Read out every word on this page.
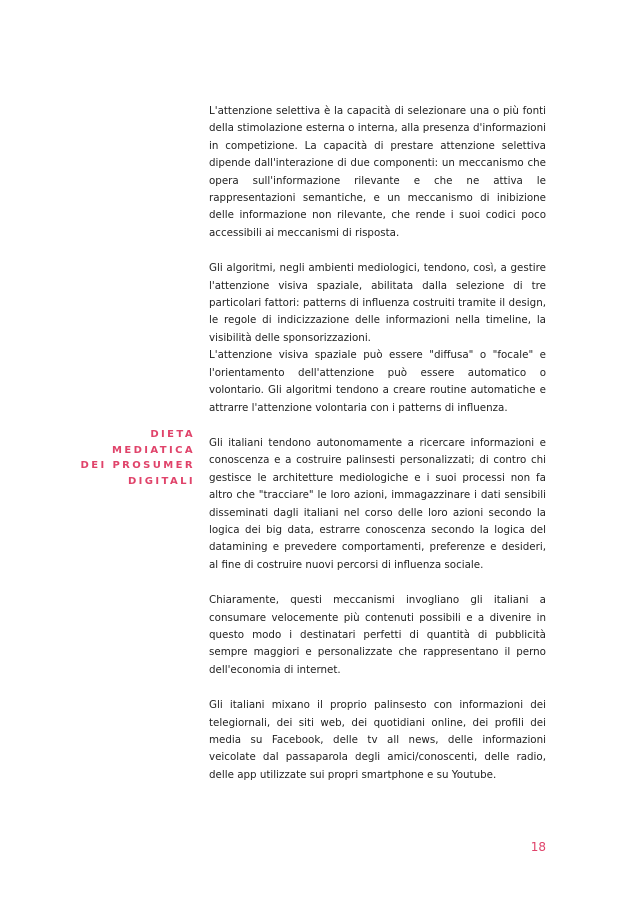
DIETA MEDIATICA
DEI PROSUMER
DIGITALI

L'attenzione selettiva è la capacità di selezionare una o più fonti della stimolazione esterna o interna, alla presenza d'informazioni in competizione. La capacità di prestare attenzione selettiva dipende dall'interazione di due componenti: un meccanismo che opera sull'informazione rilevante e che ne attiva le rappresentazioni semantiche, e un meccanismo di inibizione delle informazione non rilevante, che rende i suoi codici poco accessibili ai meccanismi di risposta.

Gli algoritmi, negli ambienti mediologici, tendono, così, a gestire l'attenzione visiva spaziale, abilitata dalla selezione di tre particolari fattori: patterns di influenza costruiti tramite il design, le regole di indicizzazione delle informazioni nella timeline, la visibilità delle sponsorizzazioni.

L'attenzione visiva spaziale può essere "diffusa" o "focale" e l'orientamento dell'attenzione può essere automatico o volontario. Gli algoritmi tendono a creare routine automatiche e attrarre l'attenzione volontaria con i patterns di influenza.

Gli italiani tendono autonomamente a ricercare informazioni e conoscenza e a costruire palinsesti personalizzati; di contro chi gestisce le architetture mediologiche e i suoi processi non fa altro che "tracciare" le loro azioni, immagazzinare i dati sensibili disseminati dagli italiani nel corso delle loro azioni secondo la logica dei big data, estrarre conoscenza secondo la logica del datamining e prevedere comportamenti, preferenze e desideri, al fine di costruire nuovi percorsi di influenza sociale.

Chiaramente, questi meccanismi invogliano gli italiani a consumare velocemente più contenuti possibili e a divenire in questo modo i destinatari perfetti di quantità di pubblicità sempre maggiori e personalizzate che rappresentano il perno dell'economia di internet.

Gli italiani mixano il proprio palinsesto con informazioni dei telegiornali, dei siti web, dei quotidiani online, dei profili dei media su Facebook, delle tv all news, delle informazioni veicolate dal passaparola degli amici/conoscenti, delle radio, delle app utilizzate sui propri smartphone e su Youtube.

18
